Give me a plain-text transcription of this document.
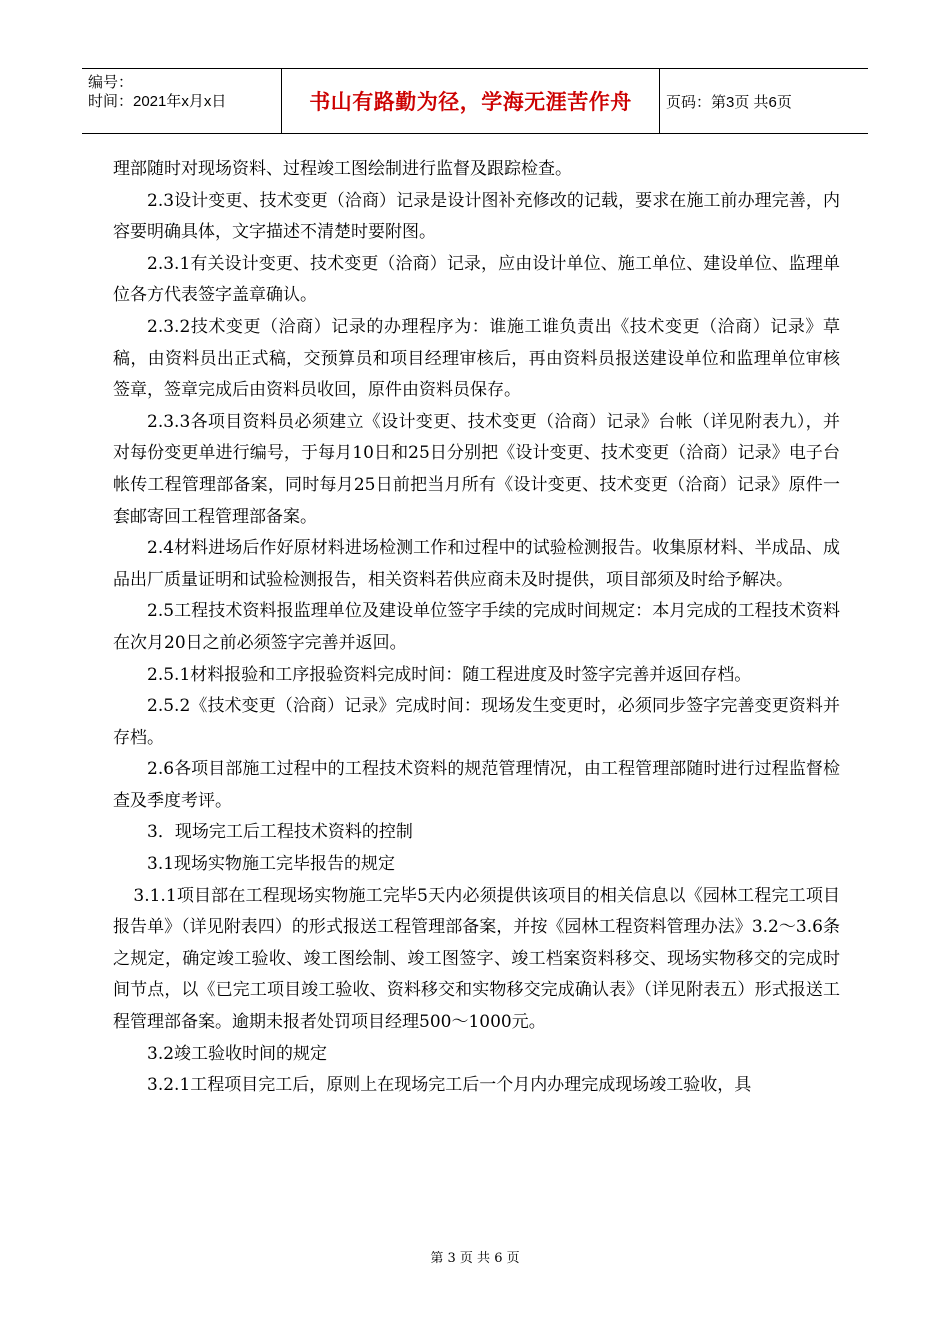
编号：
时间：2021年x月x日	书山有路勤为径，学海无涯苦作舟	页码：第3页 共6页

理部随时对现场资料、过程竣工图绘制进行监督及跟踪检查。

2.3设计变更、技术变更（洽商）记录是设计图补充修改的记载，要求在施工前办理完善，内容要明确具体，文字描述不清楚时要附图。

2.3.1有关设计变更、技术变更（洽商）记录，应由设计单位、施工单位、建设单位、监理单位各方代表签字盖章确认。

2.3.2技术变更（洽商）记录的办理程序为：谁施工谁负责出《技术变更（洽商）记录》草稿，由资料员出正式稿，交预算员和项目经理审核后，再由资料员报送建设单位和监理单位审核签章，签章完成后由资料员收回，原件由资料员保存。

2.3.3各项目资料员必须建立《设计变更、技术变更（洽商）记录》台帐（详见附表九），并对每份变更单进行编号，于每月10日和25日分别把《设计变更、技术变更（洽商）记录》电子台帐传工程管理部备案，同时每月25日前把当月所有《设计变更、技术变更（洽商）记录》原件一套邮寄回工程管理部备案。

2.4材料进场后作好原材料进场检测工作和过程中的试验检测报告。收集原材料、半成品、成品出厂质量证明和试验检测报告，相关资料若供应商未及时提供，项目部须及时给予解决。

2.5工程技术资料报监理单位及建设单位签字手续的完成时间规定：本月完成的工程技术资料在次月20日之前必须签字完善并返回。

2.5.1材料报验和工序报验资料完成时间：随工程进度及时签字完善并返回存档。

2.5.2《技术变更（洽商）记录》完成时间：现场发生变更时，必须同步签字完善变更资料并存档。

2.6各项目部施工过程中的工程技术资料的规范管理情况，由工程管理部随时进行过程监督检查及季度考评。

3．现场完工后工程技术资料的控制

3.1现场实物施工完毕报告的规定

3.1.1项目部在工程现场实物施工完毕5天内必须提供该项目的相关信息以《园林工程完工项目报告单》（详见附表四）的形式报送工程管理部备案，并按《园林工程资料管理办法》3.2～3.6条之规定，确定竣工验收、竣工图绘制、竣工图签字、竣工档案资料移交、现场实物移交的完成时间节点，以《已完工项目竣工验收、资料移交和实物移交完成确认表》（详见附表五）形式报送工程管理部备案。逾期未报者处罚项目经理500～1000元。

3.2竣工验收时间的规定

3.2.1工程项目完工后，原则上在现场完工后一个月内办理完成现场竣工验收，具

第 3 页 共 6 页
